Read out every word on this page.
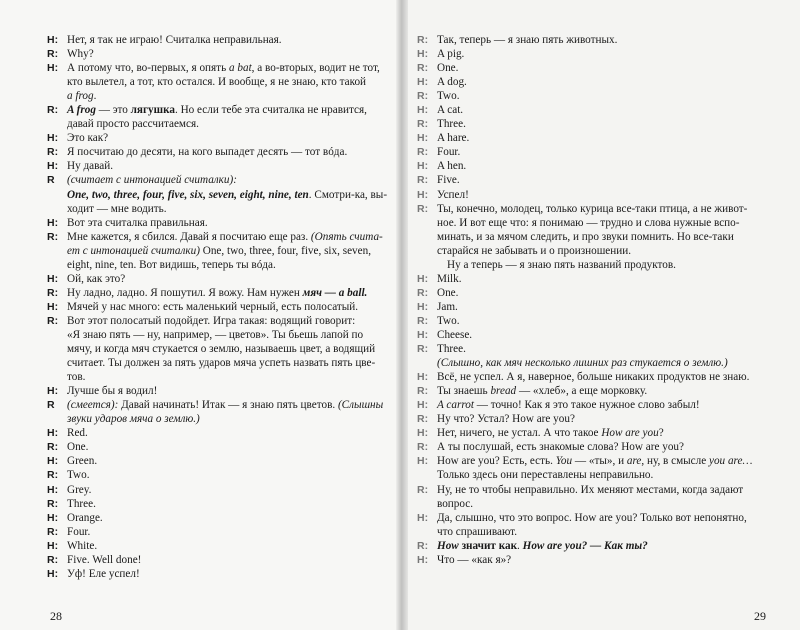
Н: Нет, я так не играю! Считалка неправильная.
R: Why?
Н: А потому что, во-первых, я опять a bat, а во-вторых, водит не тот,
кто вылетел, а тот, кто остался. И вообще, я не знаю, кто такой
a frog.
R: A frog — это лягушка. Но если тебе эта считалка не нравится,
давай просто рассчитаемся.
Н: Это как?
R: Я посчитаю до десяти, на кого выпадет десять — тот вóда.
Н: Ну давай.
R	(считает с интонацией считалки):
One, two, three, four, five, six, seven, eight, nine, ten. Смотри-ка, вы-
ходит — мне водить.
Н: Вот эта считалка правильная.
R: Мне кажется, я сбился. Давай я посчитаю еще раз. (Опять счита-
ет с интонацией считалки) One, two, three, four, five, six, seven,
eight, nine, ten. Вот видишь, теперь ты вóда.
Н: Ой, как это?
R: Ну ладно, ладно. Я пошутил. Я вожу. Нам нужен мяч — a ball.
Н: Мячей у нас много: есть маленький черный, есть полосатый.
R: Вот этот полосатый подойдет. Игра такая: водящий говорит:
«Я знаю пять — ну, например, — цветов». Ты бьешь лапой по
мячу, и когда мяч стукается о землю, называешь цвет, а водящий
считает. Ты должен за пять ударов мяча успеть назвать пять цве-
тов.
Н: Лучше бы я водил!
R	(смеется): Давай начинать! Итак — я знаю пять цветов. (Слышны
звуки ударов мяча о землю.)
Н: Red.
R: One.
Н: Green.
R: Two.
Н: Grey.
R: Three.
Н: Orange.
R: Four.
Н: White.
R: Five. Well done!
Н: Уф! Еле успел!
R: Так, теперь — я знаю пять животных.
Н: A pig.
R: One.
Н: A dog.
R: Two.
Н: A cat.
R: Three.
Н: A hare.
R: Four.
Н: A hen.
R: Five.
Н: Успел!
R: Ты, конечно, молодец, только курица все-таки птица, а не живот-
ное. И вот еще что: я понимаю — трудно и слова нужные вспо-
минать, и за мячом следить, и про звуки помнить. Но все-таки
старайся не забывать и о произношении.
Ну а теперь — я знаю пять названий продуктов.
Н: Milk.
R: One.
Н: Jam.
R: Two.
Н: Cheese.
R: Three.
(Слышно, как мяч несколько лишних раз стукается о землю.)
Н: Всё, не успел. А я, наверное, больше никаких продуктов не знаю.
R: Ты знаешь bread — «хлеб», а еще морковку.
Н: A carrot — точно! Как я это такое нужное слово забыл!
R: Ну что? Устал? How are you?
Н: Нет, ничего, не устал. А что такое How are you?
R: А ты послушай, есть знакомые слова? How are you?
Н: How are you? Есть, есть. You — «ты», и are, ну, в смысле you are…
Только здесь они переставлены неправильно.
R: Ну, не то чтобы неправильно. Их меняют местами, когда задают
вопрос.
Н: Да, слышно, что это вопрос. How are you? Только вот непонятно,
что спрашивают.
R: How значит как. How are you? — Как ты?
Н: Что — «как я»?
28	29
